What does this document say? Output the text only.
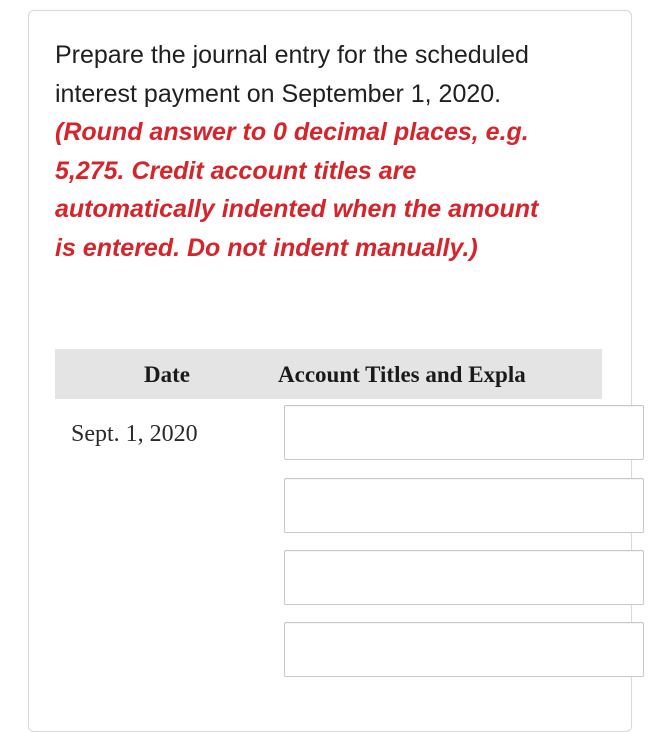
Prepare the journal entry for the scheduled interest payment on September 1, 2020. (Round answer to 0 decimal places, e.g. 5,275. Credit account titles are automatically indented when the amount is entered. Do not indent manually.)
Date	Account Titles and Expla
Sept. 1, 2020
